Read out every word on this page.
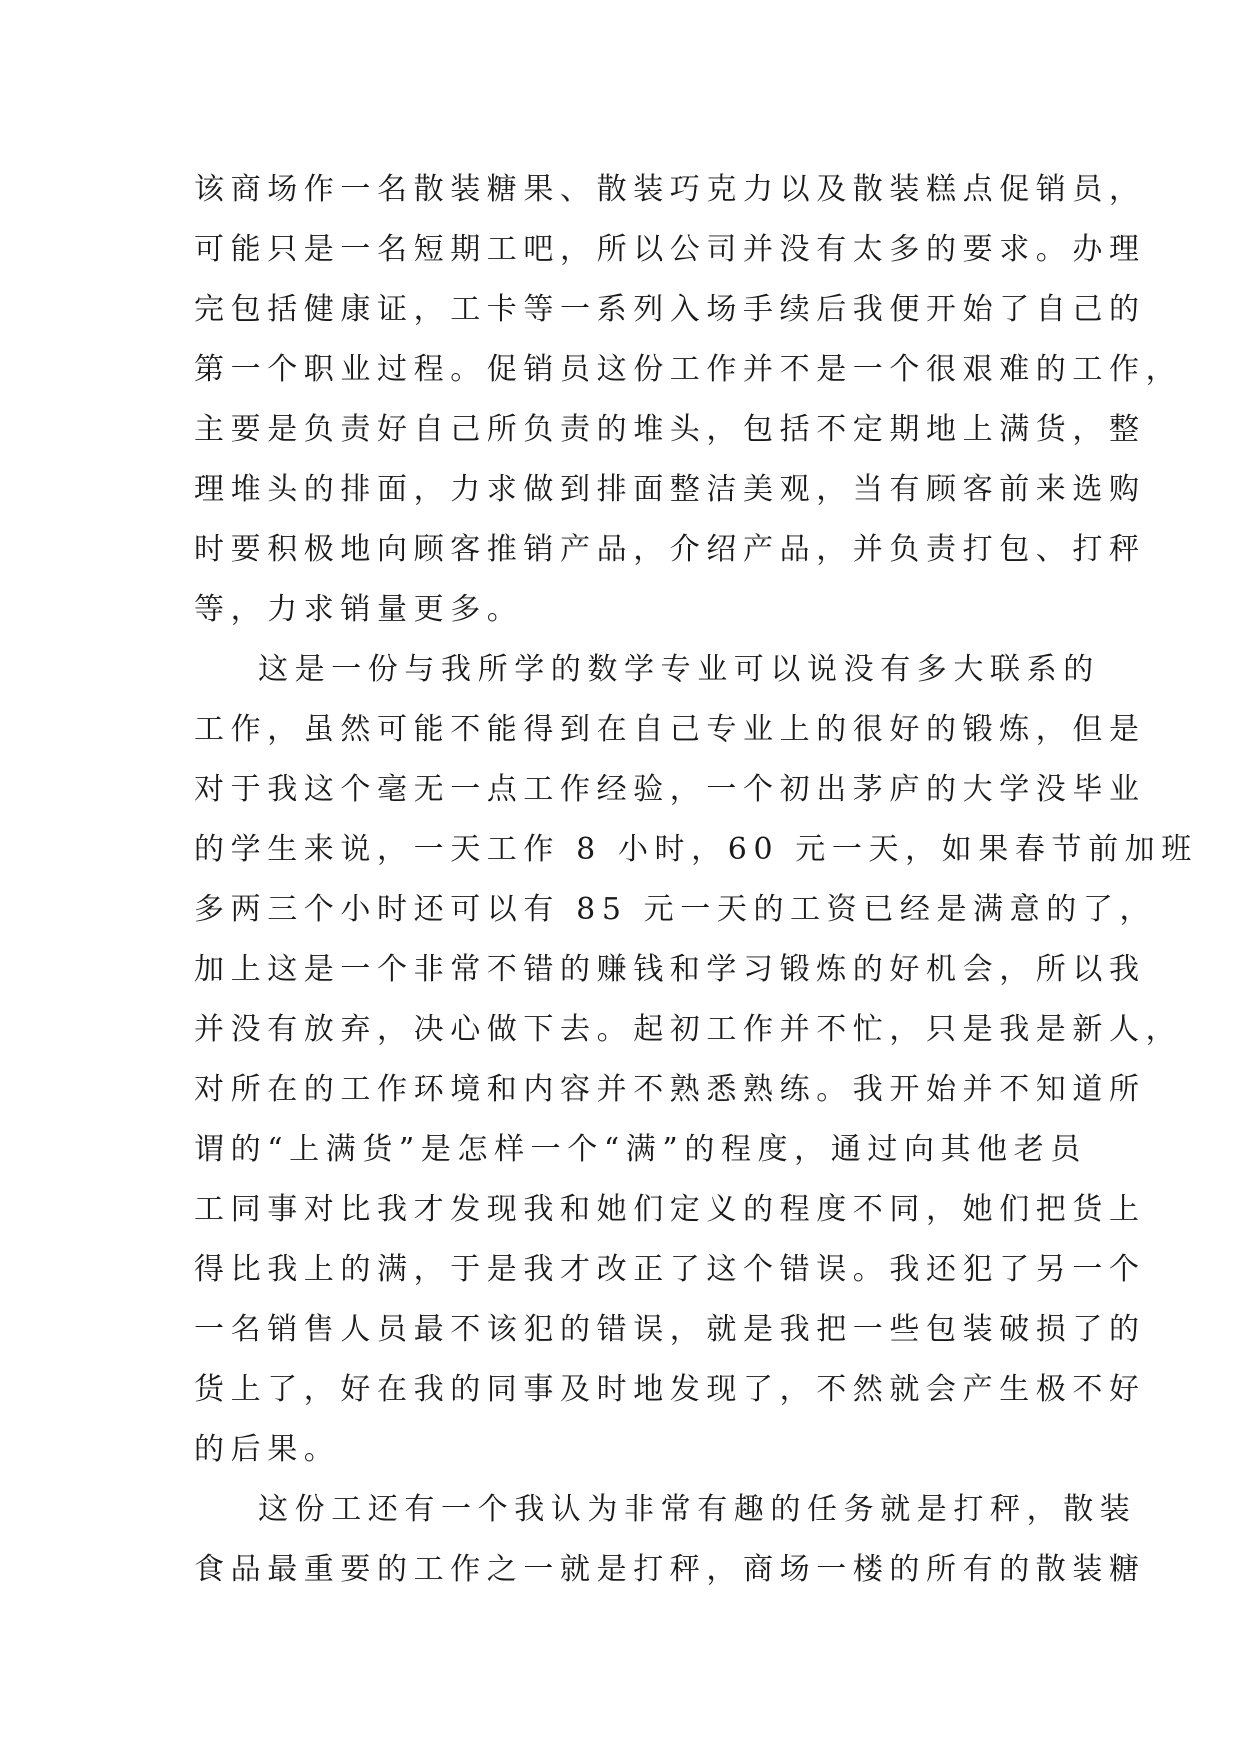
该商场作一名散装糖果、散装巧克力以及散装糕点促销员，
可能只是一名短期工吧，所以公司并没有太多的要求。办理
完包括健康证，工卡等一系列入场手续后我便开始了自己的
第一个职业过程。促销员这份工作并不是一个很艰难的工作，
主要是负责好自己所负责的堆头，包括不定期地上满货，整
理堆头的排面，力求做到排面整洁美观，当有顾客前来选购
时要积极地向顾客推销产品，介绍产品，并负责打包、打秤
等，力求销量更多。
这是一份与我所学的数学专业可以说没有多大联系的
工作，虽然可能不能得到在自己专业上的很好的锻炼，但是
对于我这个毫无一点工作经验，一个初出茅庐的大学没毕业
的学生来说，一天工作 8 小时，60 元一天，如果春节前加班
多两三个小时还可以有 85 元一天的工资已经是满意的了，
加上这是一个非常不错的赚钱和学习锻炼的好机会，所以我
并没有放弃，决心做下去。起初工作并不忙，只是我是新人，
对所在的工作环境和内容并不熟悉熟练。我开始并不知道所
谓的“上满货”是怎样一个“满”的程度，通过向其他老员
工同事对比我才发现我和她们定义的程度不同，她们把货上
得比我上的满，于是我才改正了这个错误。我还犯了另一个
一名销售人员最不该犯的错误，就是我把一些包装破损了的
货上了，好在我的同事及时地发现了，不然就会产生极不好
的后果。
这份工还有一个我认为非常有趣的任务就是打秤，散装
食品最重要的工作之一就是打秤，商场一楼的所有的散装糖
